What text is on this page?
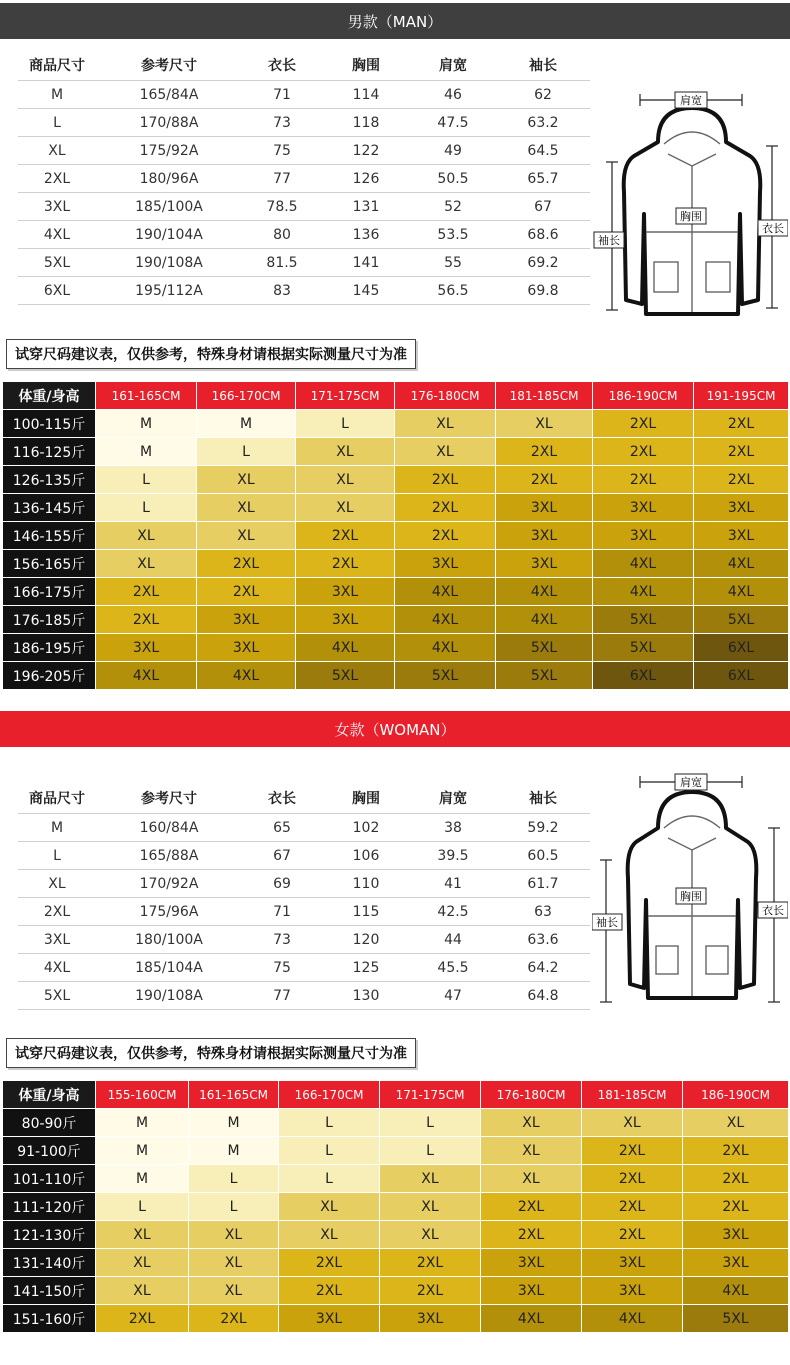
男款（MAN）
商品尺寸	参考尺寸	衣长	胸围	肩宽	袖长
M	165/84A	71	114	46	62
L	170/88A	73	118	47.5	63.2
XL	175/92A	75	122	49	64.5
2XL	180/96A	77	126	50.5	65.7
3XL	185/100A	78.5	131	52	67
4XL	190/104A	80	136	53.5	68.6
5XL	190/108A	81.5	141	55	69.2
6XL	195/112A	83	145	56.5	69.8
肩宽
胸围
袖长
衣长
试穿尺码建议表，仅供参考，特殊身材请根据实际测量尺寸为准
体重/身高	161-165CM	166-170CM	171-175CM	176-180CM	181-185CM	186-190CM	191-195CM
100-115斤	M	M	L	XL	XL	2XL	2XL
116-125斤	M	L	XL	XL	2XL	2XL	2XL
126-135斤	L	XL	XL	2XL	2XL	2XL	2XL
136-145斤	L	XL	XL	2XL	3XL	3XL	3XL
146-155斤	XL	XL	2XL	2XL	3XL	3XL	3XL
156-165斤	XL	2XL	2XL	3XL	3XL	4XL	4XL
166-175斤	2XL	2XL	3XL	4XL	4XL	4XL	4XL
176-185斤	2XL	3XL	3XL	4XL	4XL	5XL	5XL
186-195斤	3XL	3XL	4XL	4XL	5XL	5XL	6XL
196-205斤	4XL	4XL	5XL	5XL	5XL	6XL	6XL
女款（WOMAN）
商品尺寸	参考尺寸	衣长	胸围	肩宽	袖长
M	160/84A	65	102	38	59.2
L	165/88A	67	106	39.5	60.5
XL	170/92A	69	110	41	61.7
2XL	175/96A	71	115	42.5	63
3XL	180/100A	73	120	44	63.6
4XL	185/104A	75	125	45.5	64.2
5XL	190/108A	77	130	47	64.8
肩宽
胸围
袖长
衣长
试穿尺码建议表，仅供参考，特殊身材请根据实际测量尺寸为准
体重/身高	155-160CM	161-165CM	166-170CM	171-175CM	176-180CM	181-185CM	186-190CM
80-90斤	M	M	L	L	XL	XL	XL
91-100斤	M	M	L	L	XL	2XL	2XL
101-110斤	M	L	L	XL	XL	2XL	2XL
111-120斤	L	L	XL	XL	2XL	2XL	2XL
121-130斤	XL	XL	XL	XL	2XL	2XL	3XL
131-140斤	XL	XL	2XL	2XL	3XL	3XL	3XL
141-150斤	XL	XL	2XL	2XL	3XL	3XL	4XL
151-160斤	2XL	2XL	3XL	3XL	4XL	4XL	5XL
